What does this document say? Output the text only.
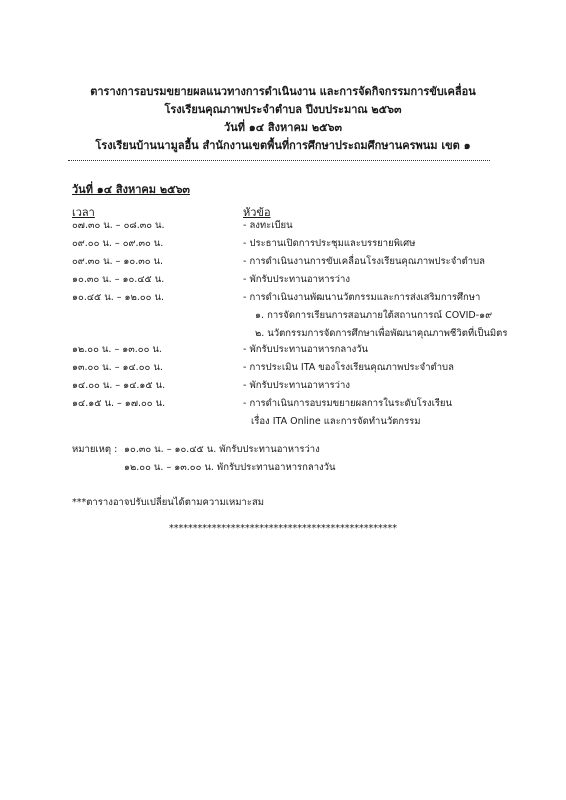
ตารางการอบรมขยายผลแนวทางการดำเนินงาน และการจัดกิจกรรมการขับเคลื่อน
โรงเรียนคุณภาพประจำตำบล ปีงบประมาณ ๒๕๖๓
วันที่ ๑๔ สิงหาคม ๒๕๖๓
โรงเรียนบ้านนามูลอื้น สำนักงานเขตพื้นที่การศึกษาประถมศึกษานครพนม เขต ๑
วันที่ ๑๔ สิงหาคม ๒๕๖๓
เวลา	หัวข้อ
๐๗.๓๐ น. – ๐๘.๓๐ น.	- ลงทะเบียน
๐๙.๐๐ น. – ๐๙.๓๐ น.	- ประธานเปิดการประชุมและบรรยายพิเศษ
๐๙.๓๐ น. – ๑๐.๓๐ น.	- การดำเนินงานการขับเคลื่อนโรงเรียนคุณภาพประจำตำบล
๑๐.๓๐ น. – ๑๐.๔๕ น.	- พักรับประทานอาหารว่าง
๑๐.๔๕ น. – ๑๒.๐๐ น.	- การดำเนินงานพัฒนานวัตกรรมและการส่งเสริมการศึกษา
๑. การจัดการเรียนการสอนภายใต้สถานการณ์ COVID-๑๙
๒. นวัตกรรมการจัดการศึกษาเพื่อพัฒนาคุณภาพชีวิตที่เป็นมิตร
๑๒.๐๐ น. – ๑๓.๐๐ น.	- พักรับประทานอาหารกลางวัน
๑๓.๐๐ น. – ๑๔.๐๐ น.	- การประเมิน ITA ของโรงเรียนคุณภาพประจำตำบล
๑๔.๐๐ น. – ๑๔.๑๕ น.	- พักรับประทานอาหารว่าง
๑๔.๑๕ น. – ๑๗.๐๐ น.	- การดำเนินการอบรมขยายผลการในระดับโรงเรียน
เรื่อง ITA Online และการจัดทำนวัตกรรม
หมายเหตุ : ๑๐.๓๐ น. – ๑๐.๔๕ น. พักรับประทานอาหารว่าง
๑๒.๐๐ น. – ๑๓.๐๐ น. พักรับประทานอาหารกลางวัน
***ตารางอาจปรับเปลี่ยนได้ตามความเหมาะสม
************************************************
